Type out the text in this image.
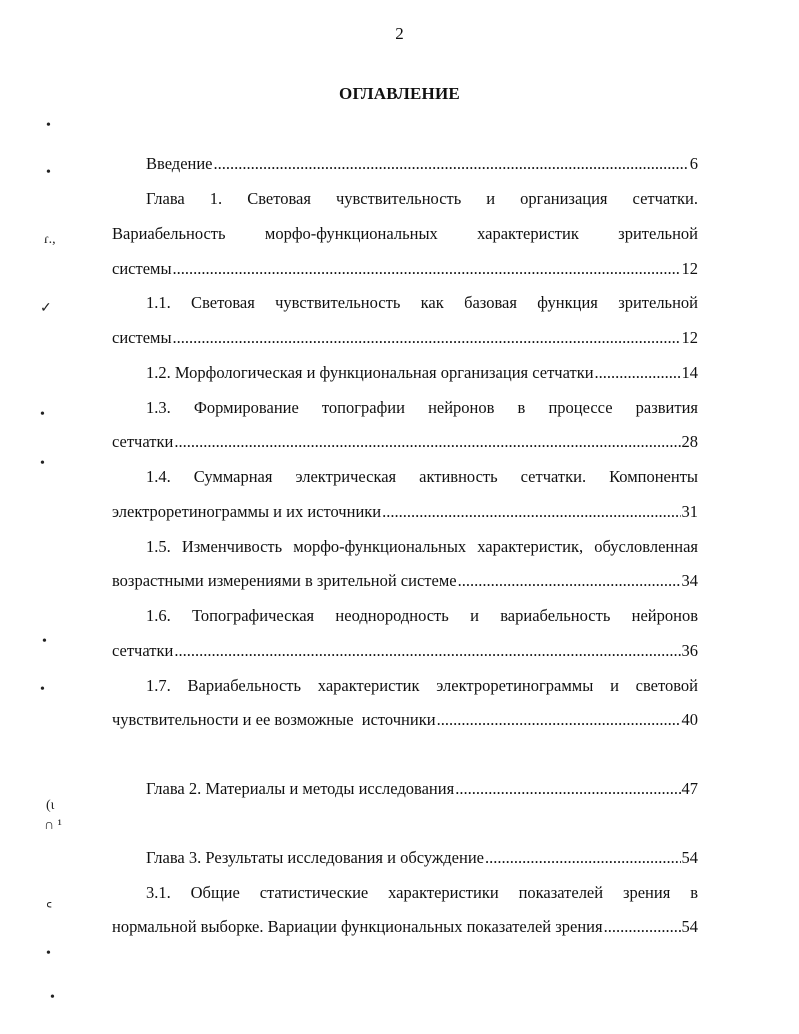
2
ОГЛАВЛЕНИЕ
•
•
ɾ.,
✓
•
•
•
•
(ι
∩ ¹
ᑦ
•
•
Введение .....	6
Глава 1. Световая чувствительность и организация сетчатки.
Вариабельность морфо-функциональных характеристик зрительной
системы .....	12
1.1. Световая чувствительность как базовая функция зрительной
системы .....	12
1.2. Морфологическая и функциональная организация сетчатки .....	14
1.3. Формирование топографии нейронов в процессе развития
сетчатки .....	28
1.4. Суммарная электрическая активность сетчатки. Компоненты
электроретинограммы и их источники .....	31
1.5. Изменчивость морфо-функциональных характеристик, обусловленная
возрастными измерениями в зрительной системе .....	34
1.6. Топографическая неоднородность и вариабельность нейронов
сетчатки .....	36
1.7. Вариабельность характеристик электроретинограммы и световой
чувствительности и ее возможные  источники .....	40
Глава 2. Материалы и методы исследования .....	47
Глава 3. Результаты исследования и обсуждение .....	54
3.1. Общие статистические характеристики показателей зрения в
нормальной выборке. Вариации функциональных показателей зрения .....	54
